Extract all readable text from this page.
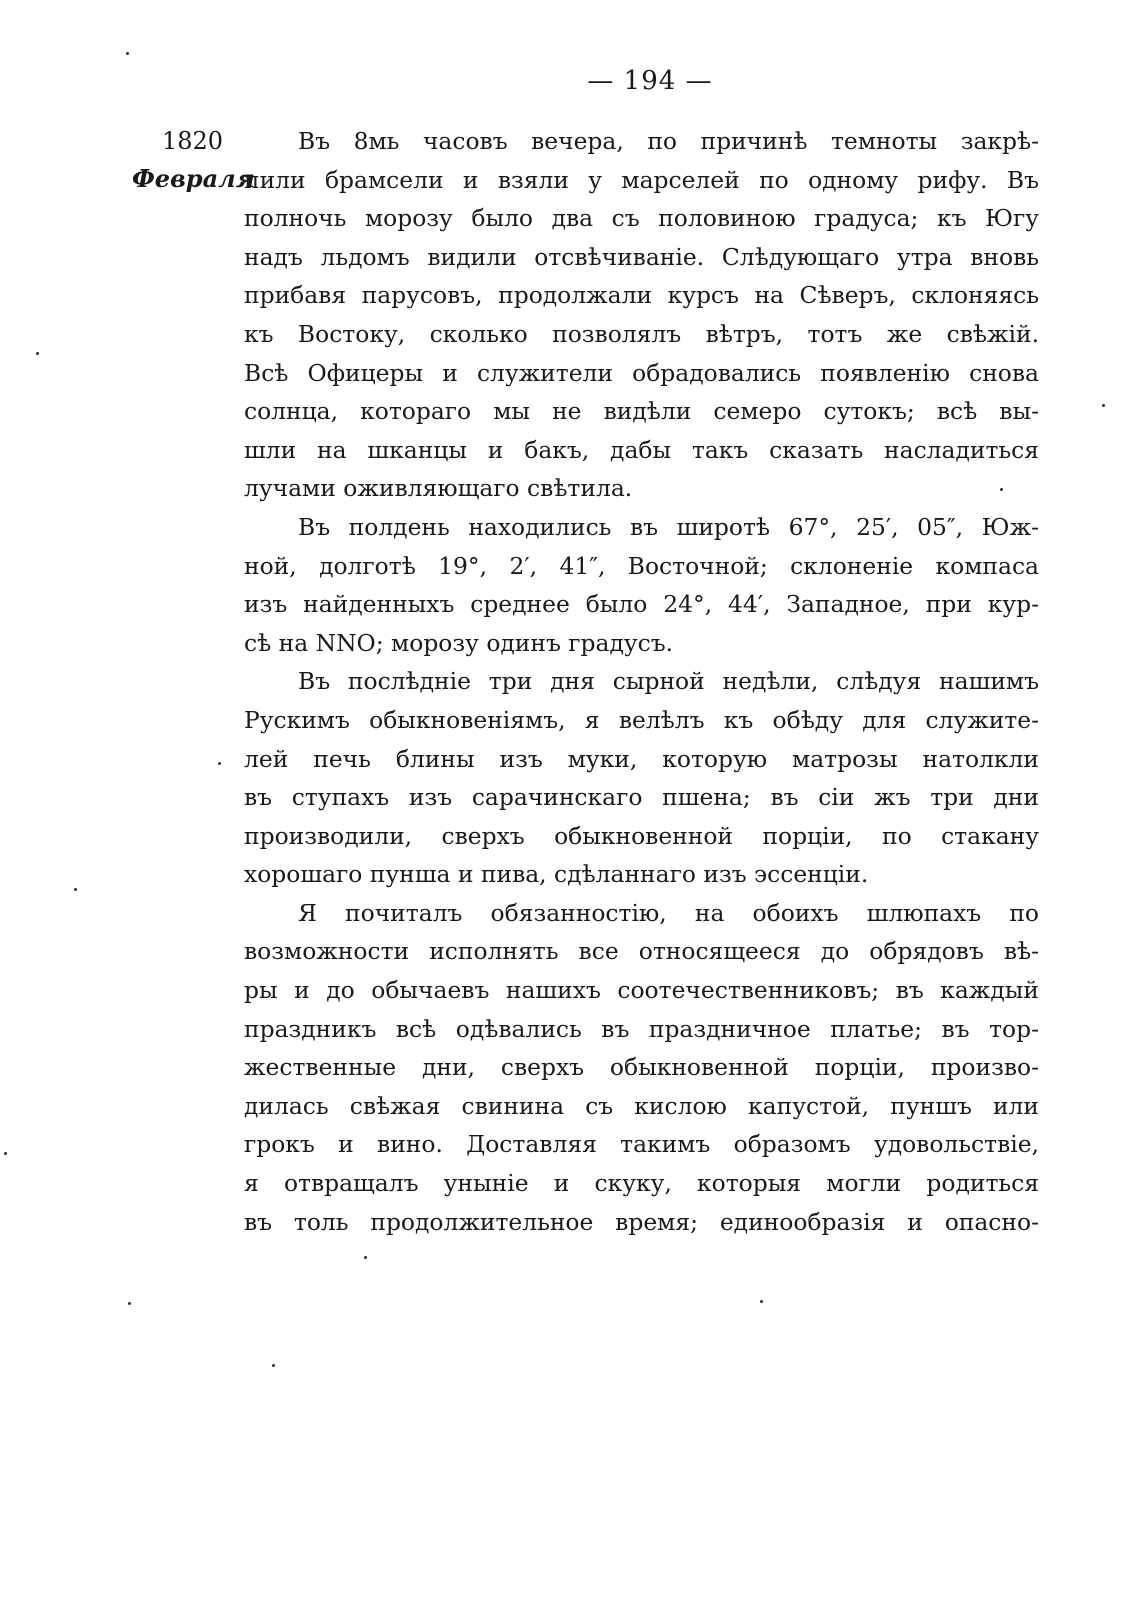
— 194 —
1820
Февраля
Въ 8мь часовъ вечера, по причинѣ темноты закрѣ-
пили брамсели и взяли у марселей по одному рифу. Въ
полночь морозу было два съ половиною градуса; къ Югу
надъ льдомъ видили отсвѣчиваніе. Слѣдующаго утра вновь
прибавя парусовъ, продолжали курсъ на Сѣверъ, склоняясь
къ Востоку, сколько позволялъ вѣтръ, тотъ же свѣжій.
Всѣ Офицеры и служители обрадовались появленію снова
солнца, котораго мы не видѣли семеро сутокъ; всѣ вы-
шли на шканцы и бакъ, дабы такъ сказать насладиться
лучами оживляющаго свѣтила.
Въ полдень находились въ широтѣ 67°, 25′, 05″, Юж-
ной, долготѣ 19°, 2′, 41″, Восточной; склоненіе компаса
изъ найденныхъ среднее было 24°, 44′, Западное, при кур-
сѣ на NNO; морозу одинъ градусъ.
Въ послѣдніе три дня сырной недѣли, слѣдуя нашимъ
Рускимъ обыкновеніямъ, я велѣлъ къ обѣду для служите-
лей печь блины изъ муки, которую матрозы натолкли
въ ступахъ изъ сарачинскаго пшена; въ сіи жъ три дни
производили, сверхъ обыкновенной порціи, по стакану
хорошаго пунша и пива, сдѣланнаго изъ эссенціи.
Я почиталъ обязанностію, на обоихъ шлюпахъ по
возможности исполнять все относящееся до обрядовъ вѣ-
ры и до обычаевъ нашихъ соотечественниковъ; въ каждый
праздникъ всѣ одѣвались въ праздничное платье; въ тор-
жественные дни, сверхъ обыкновенной порціи, произво-
дилась свѣжая свинина съ кислою капустой, пуншъ или
грокъ и вино. Доставляя такимъ образомъ удовольствіе,
я отвращалъ уныніе и скуку, которыя могли родиться
въ толь продолжительное время; единообразія и опасно-
